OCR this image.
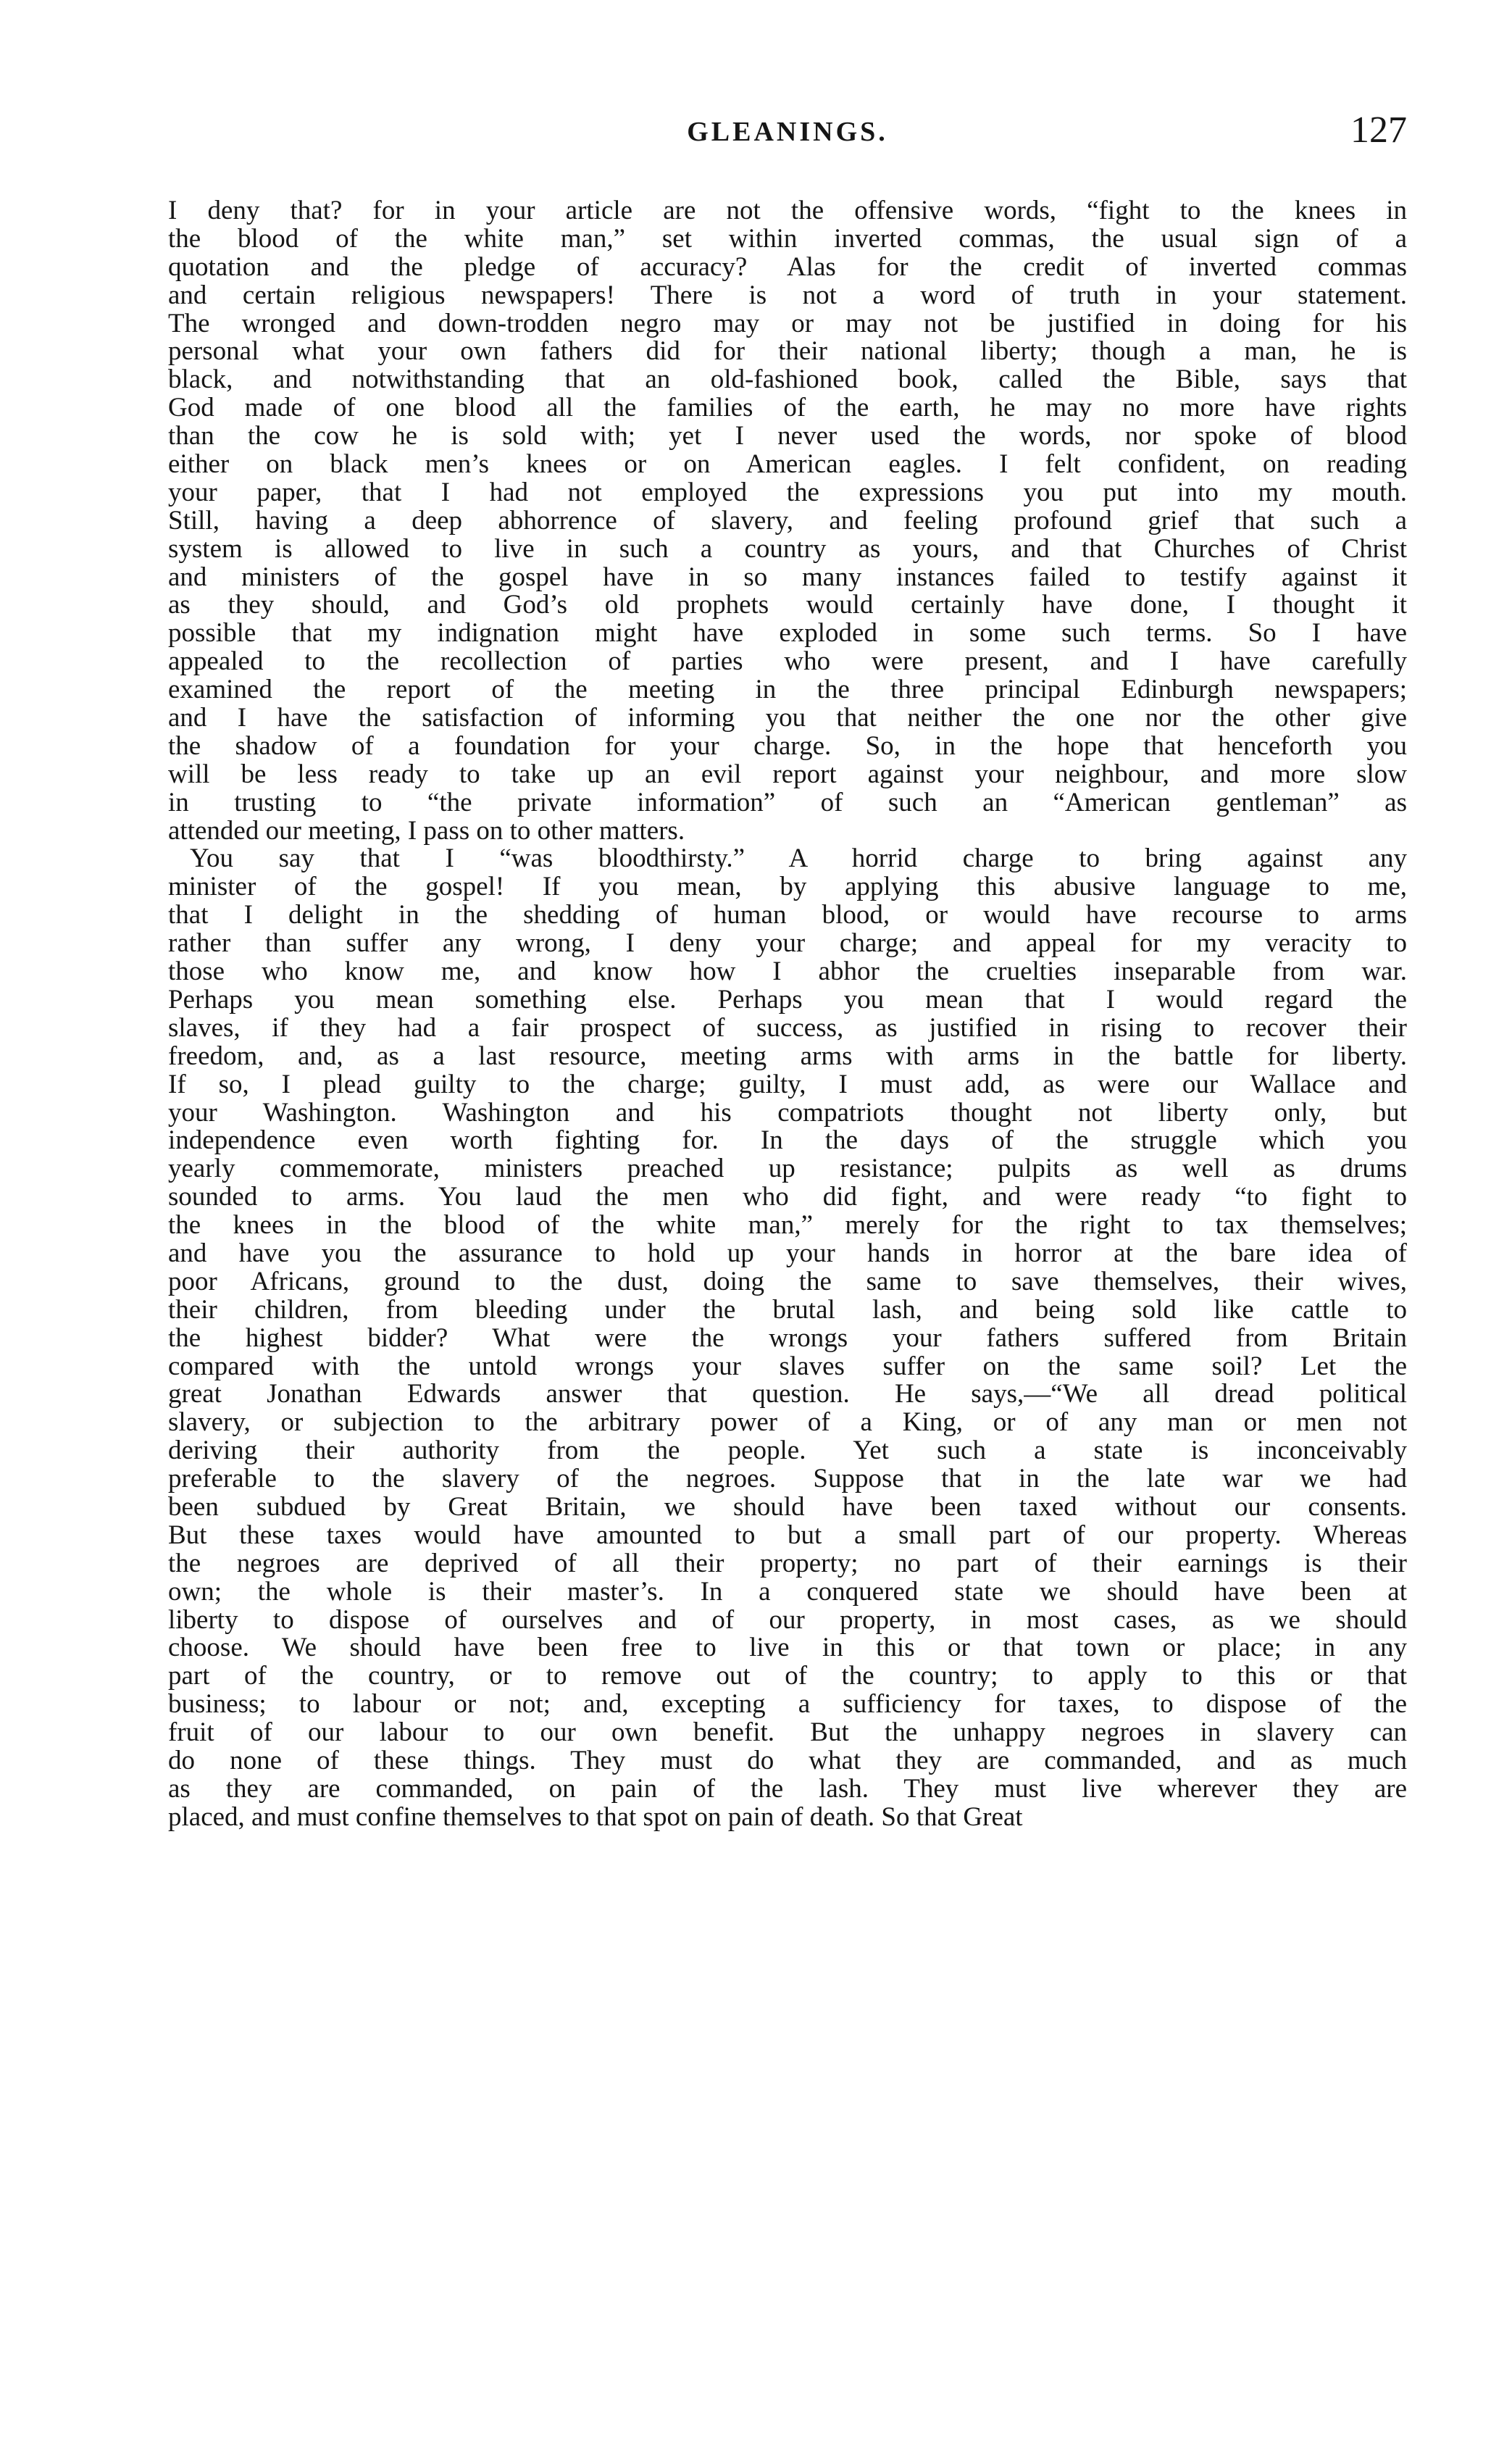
GLEANINGS.	127
I deny that? for in your article are not the offensive words, “fight to the knees in
the blood of the white man,” set within inverted commas, the usual sign of a
quotation and the pledge of accuracy? Alas for the credit of inverted commas
and certain religious newspapers! There is not a word of truth in your statement.
The wronged and down-trodden negro may or may not be justified in doing for his
personal what your own fathers did for their national liberty; though a man, he is
black, and notwithstanding that an old-fashioned book, called the Bible, says that
God made of one blood all the families of the earth, he may no more have rights
than the cow he is sold with; yet I never used the words, nor spoke of blood
either on black men’s knees or on American eagles. I felt confident, on reading
your paper, that I had not employed the expressions you put into my mouth.
Still, having a deep abhorrence of slavery, and feeling profound grief that such a
system is allowed to live in such a country as yours, and that Churches of Christ
and ministers of the gospel have in so many instances failed to testify against it
as they should, and God’s old prophets would certainly have done, I thought it
possible that my indignation might have exploded in some such terms. So I have
appealed to the recollection of parties who were present, and I have carefully
examined the report of the meeting in the three principal Edinburgh newspapers;
and I have the satisfaction of informing you that neither the one nor the other give
the shadow of a foundation for your charge. So, in the hope that henceforth you
will be less ready to take up an evil report against your neighbour, and more slow
in trusting to “the private information” of such an “American gentleman” as
attended our meeting, I pass on to other matters.
You say that I “was bloodthirsty.” A horrid charge to bring against any
minister of the gospel! If you mean, by applying this abusive language to me,
that I delight in the shedding of human blood, or would have recourse to arms
rather than suffer any wrong, I deny your charge; and appeal for my veracity to
those who know me, and know how I abhor the cruelties inseparable from war.
Perhaps you mean something else. Perhaps you mean that I would regard the
slaves, if they had a fair prospect of success, as justified in rising to recover their
freedom, and, as a last resource, meeting arms with arms in the battle for liberty.
If so, I plead guilty to the charge; guilty, I must add, as were our Wallace and
your Washington. Washington and his compatriots thought not liberty only, but
independence even worth fighting for. In the days of the struggle which you
yearly commemorate, ministers preached up resistance; pulpits as well as drums
sounded to arms. You laud the men who did fight, and were ready “to fight to
the knees in the blood of the white man,” merely for the right to tax themselves;
and have you the assurance to hold up your hands in horror at the bare idea of
poor Africans, ground to the dust, doing the same to save themselves, their wives,
their children, from bleeding under the brutal lash, and being sold like cattle to
the highest bidder? What were the wrongs your fathers suffered from Britain
compared with the untold wrongs your slaves suffer on the same soil? Let the
great Jonathan Edwards answer that question. He says,—“We all dread political
slavery, or subjection to the arbitrary power of a King, or of any man or men not
deriving their authority from the people. Yet such a state is inconceivably
preferable to the slavery of the negroes. Suppose that in the late war we had
been subdued by Great Britain, we should have been taxed without our consents.
But these taxes would have amounted to but a small part of our property. Whereas
the negroes are deprived of all their property; no part of their earnings is their
own; the whole is their master’s. In a conquered state we should have been at
liberty to dispose of ourselves and of our property, in most cases, as we should
choose. We should have been free to live in this or that town or place; in any
part of the country, or to remove out of the country; to apply to this or that
business; to labour or not; and, excepting a sufficiency for taxes, to dispose of the
fruit of our labour to our own benefit. But the unhappy negroes in slavery can
do none of these things. They must do what they are commanded, and as much
as they are commanded, on pain of the lash. They must live wherever they are
placed, and must confine themselves to that spot on pain of death. So that Great
